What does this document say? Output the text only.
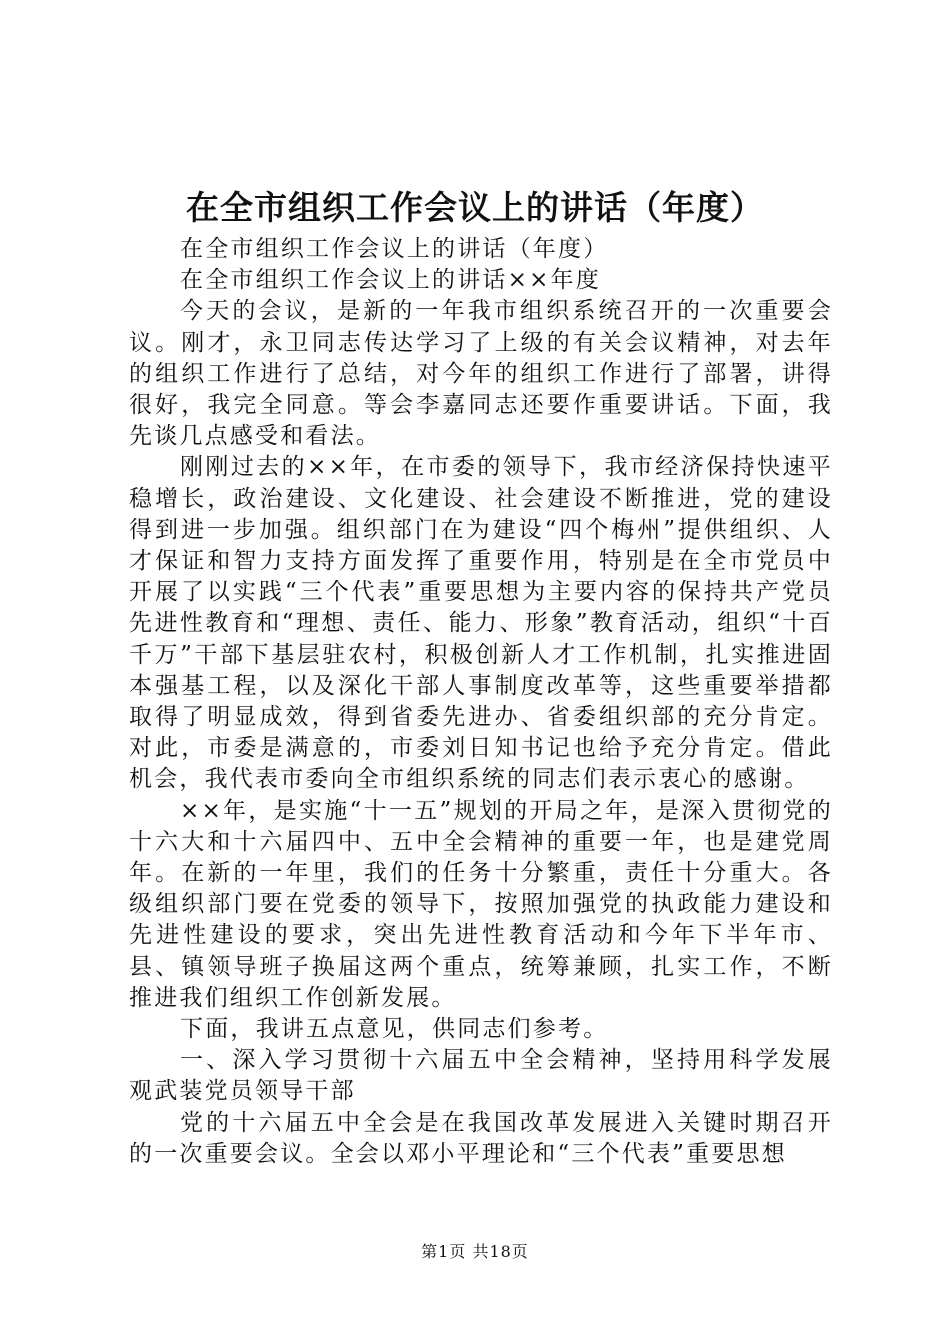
在全市组织工作会议上的讲话（年度）

在全市组织工作会议上的讲话（年度）

在全市组织工作会议上的讲话××年度

今天的会议，是新的一年我市组织系统召开的一次重要会议。刚才，永卫同志传达学习了上级的有关会议精神，对去年的组织工作进行了总结，对今年的组织工作进行了部署，讲得很好，我完全同意。等会李嘉同志还要作重要讲话。下面，我先谈几点感受和看法。

刚刚过去的××年，在市委的领导下，我市经济保持快速平稳增长，政治建设、文化建设、社会建设不断推进，党的建设得到进一步加强。组织部门在为建设“四个梅州”提供组织、人才保证和智力支持方面发挥了重要作用，特别是在全市党员中开展了以实践“三个代表”重要思想为主要内容的保持共产党员先进性教育和“理想、责任、能力、形象”教育活动，组织“十百千万”干部下基层驻农村，积极创新人才工作机制，扎实推进固本强基工程，以及深化干部人事制度改革等，这些重要举措都取得了明显成效，得到省委先进办、省委组织部的充分肯定。对此，市委是满意的，市委刘日知书记也给予充分肯定。借此机会，我代表市委向全市组织系统的同志们表示衷心的感谢。

××年，是实施“十一五”规划的开局之年，是深入贯彻党的十六大和十六届四中、五中全会精神的重要一年，也是建党周年。在新的一年里，我们的任务十分繁重，责任十分重大。各级组织部门要在党委的领导下，按照加强党的执政能力建设和先进性建设的要求，突出先进性教育活动和今年下半年市、县、镇领导班子换届这两个重点，统筹兼顾，扎实工作，不断推进我们组织工作创新发展。

下面，我讲五点意见，供同志们参考。

一、深入学习贯彻十六届五中全会精神，坚持用科学发展观武装党员领导干部

党的十六届五中全会是在我国改革发展进入关键时期召开的一次重要会议。全会以邓小平理论和“三个代表”重要思想

第1页 共18页
